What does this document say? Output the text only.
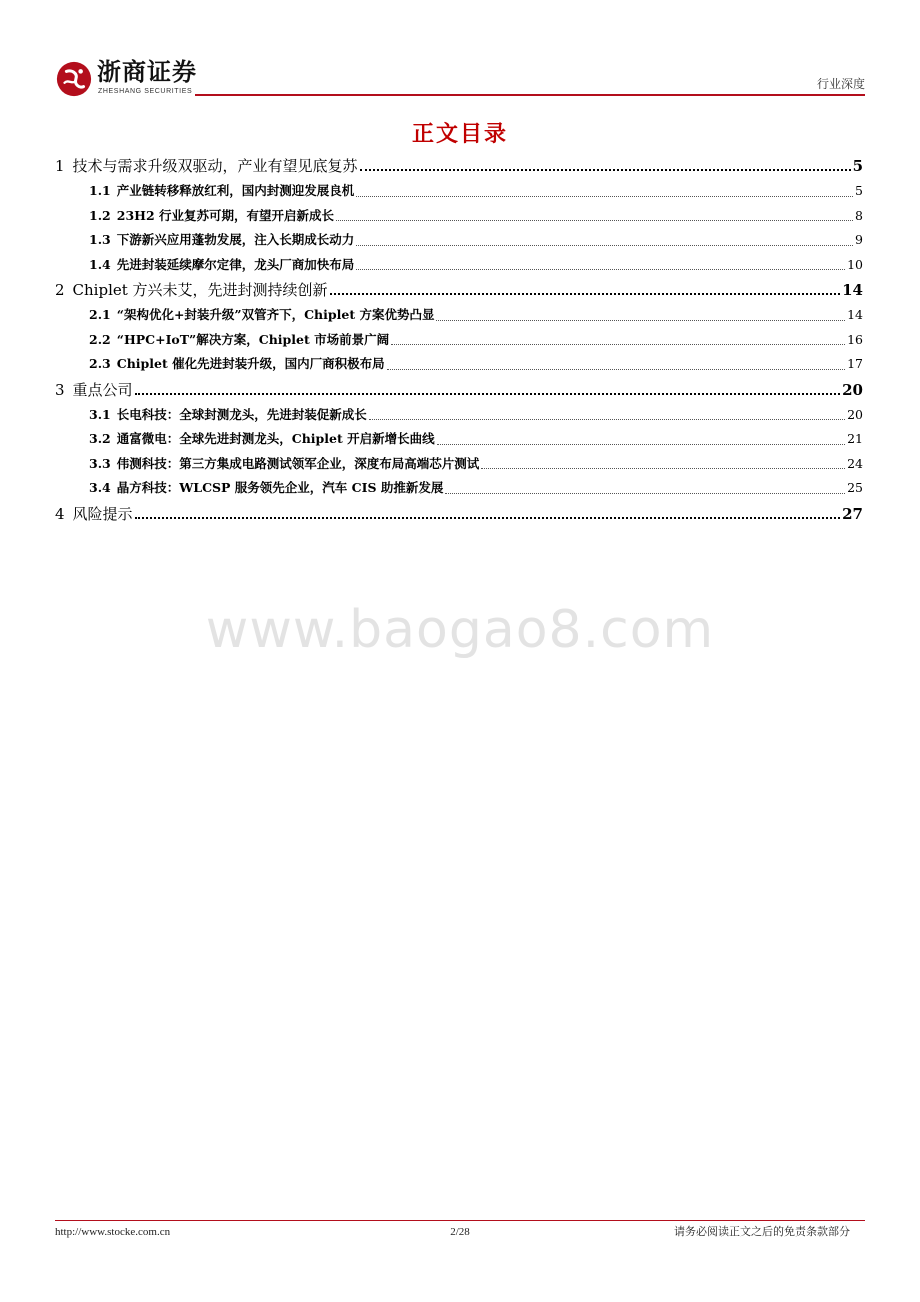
浙商证券
ZHESHANG SECURITIES
行业深度
正文目录
1 技术与需求升级双驱动，产业有望见底复苏	5
1.1 产业链转移释放红利，国内封测迎发展良机	5
1.2 23H2 行业复苏可期，有望开启新成长	8
1.3 下游新兴应用蓬勃发展，注入长期成长动力	9
1.4 先进封装延续摩尔定律，龙头厂商加快布局	10
2 Chiplet 方兴未艾，先进封测持续创新	14
2.1 “架构优化+封装升级”双管齐下，Chiplet 方案优势凸显	14
2.2 “HPC+IoT”解决方案，Chiplet 市场前景广阔	16
2.3 Chiplet 催化先进封装升级，国内厂商积极布局	17
3 重点公司	20
3.1 长电科技：全球封测龙头，先进封装促新成长	20
3.2 通富微电：全球先进封测龙头，Chiplet 开启新增长曲线	21
3.3 伟测科技：第三方集成电路测试领军企业，深度布局高端芯片测试	24
3.4 晶方科技：WLCSP 服务领先企业，汽车 CIS 助推新发展	25
4 风险提示	27
www.baogao8.com
http://www.stocke.com.cn	2/28	请务必阅读正文之后的免责条款部分
